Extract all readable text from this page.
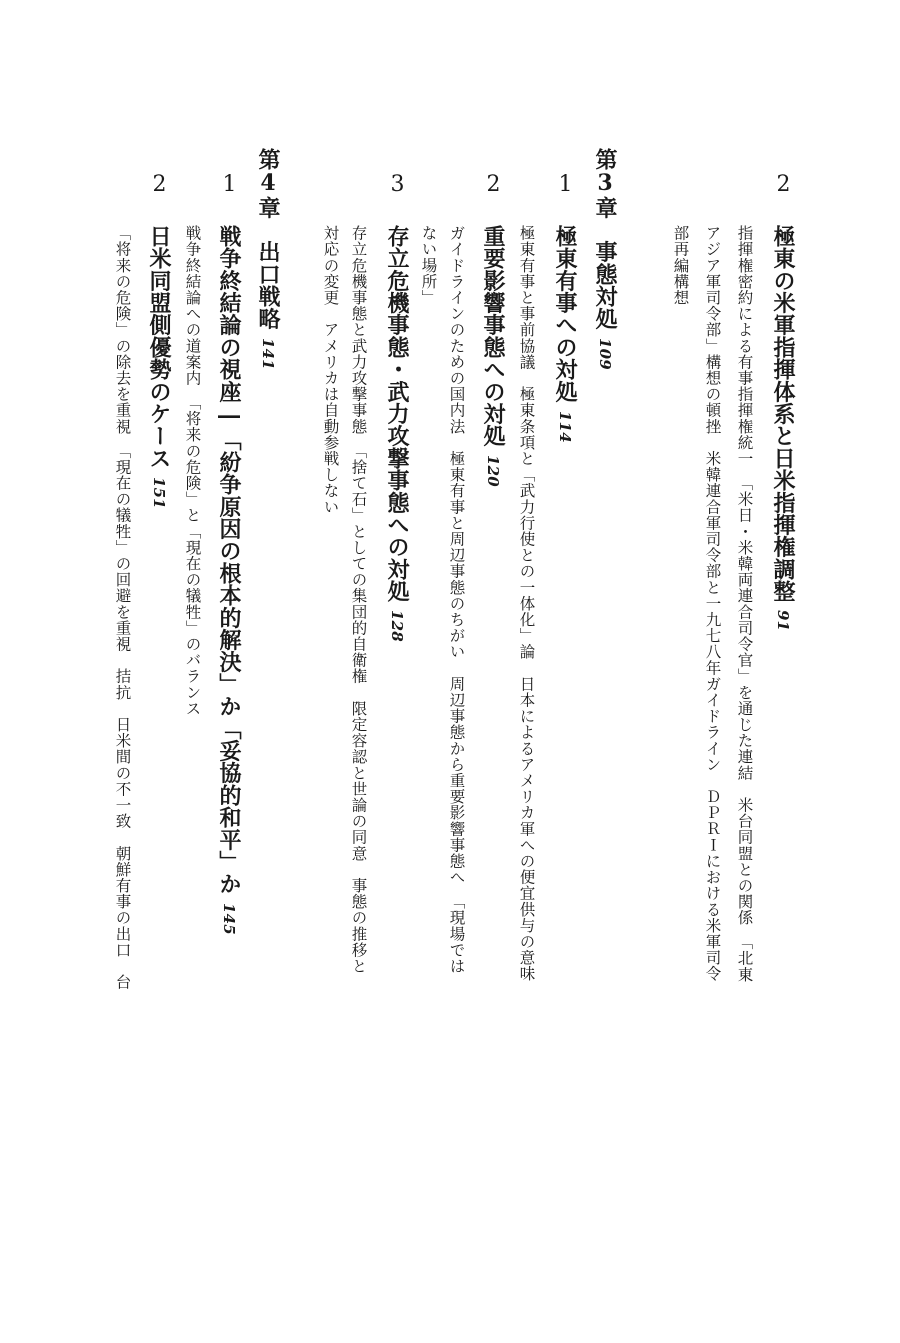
2
極東の米軍指揮体系と日米指揮権調整91
指揮権密約による有事指揮権統一　「米日・米韓両連合司令官」を通じた連結　米台同盟との関係　「北東
アジア軍司令部」構想の頓挫　米韓連合軍司令部と一九七八年ガイドライン　ＤＰＲＩにおける米軍司令
部再編構想
第3章　事態対処109
1
極東有事への対処114
極東有事と事前協議　極東条項と「武力行使との一体化」論　日本によるアメリカ軍への便宜供与の意味
2
重要影響事態への対処120
ガイドラインのための国内法　極東有事と周辺事態のちがい　周辺事態から重要影響事態へ　「現場では
ない場所」
3
存立危機事態・武力攻撃事態への対処128
存立危機事態と武力攻撃事態　「捨て石」としての集団的自衛権　限定容認と世論の同意　事態の推移と
対応の変更　アメリカは自動参戦しない
第4章　出口戦略141
1
戦争終結論の視座―「紛争原因の根本的解決」か「妥協的和平」か145
戦争終結論への道案内　「将来の危険」と「現在の犠牲」のバランス
2
日米同盟側優勢のケース151
「将来の危険」の除去を重視　「現在の犠牲」の回避を重視　拮抗　日米間の不一致　朝鮮有事の出口　台
